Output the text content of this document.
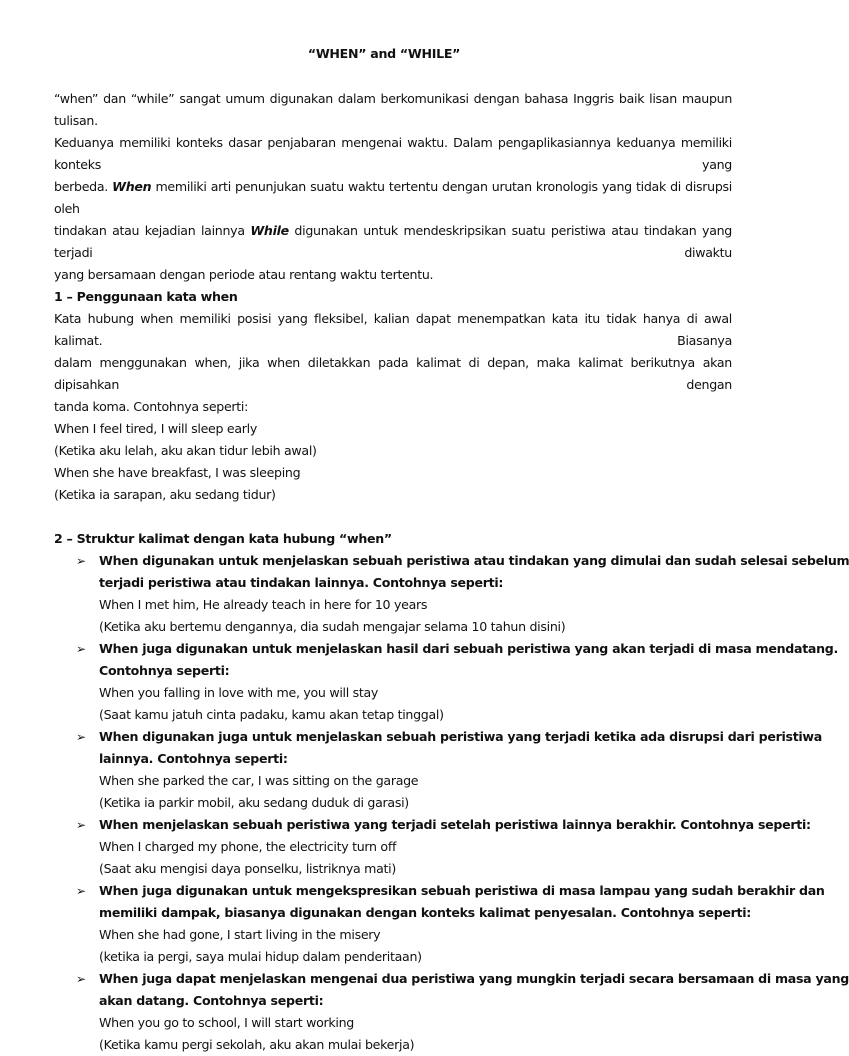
“WHEN” and “WHILE”

“when” dan “while” sangat umum digunakan dalam berkomunikasi dengan bahasa Inggris baik lisan maupun tulisan.

Keduanya memiliki konteks dasar penjabaran mengenai waktu. Dalam pengaplikasiannya keduanya memiliki konteks yang

berbeda. When memiliki arti penunjukan suatu waktu tertentu dengan urutan kronologis yang tidak di disrupsi oleh

tindakan atau kejadian lainnya While digunakan untuk mendeskripsikan suatu peristiwa atau tindakan yang terjadi diwaktu

yang bersamaan dengan periode atau rentang waktu tertentu.

1 – Penggunaan kata when

Kata hubung when memiliki posisi yang fleksibel, kalian dapat menempatkan kata itu tidak hanya di awal kalimat. Biasanya

dalam menggunakan when, jika when diletakkan pada kalimat di depan, maka kalimat berikutnya akan dipisahkan dengan

tanda koma. Contohnya seperti:

When I feel tired, I will sleep early
(Ketika aku lelah, aku akan tidur lebih awal)
When she have breakfast, I was sleeping
(Ketika ia sarapan, aku sedang tidur)
2 – Struktur kalimat dengan kata hubung “when”
➢	When digunakan untuk menjelaskan sebuah peristiwa atau tindakan yang dimulai dan sudah selesai sebelum
terjadi peristiwa atau tindakan lainnya. Contohnya seperti:
When I met him, He already teach in here for 10 years
(Ketika aku bertemu dengannya, dia sudah mengajar selama 10 tahun disini)
➢	When juga digunakan untuk menjelaskan hasil dari sebuah peristiwa yang akan terjadi di masa mendatang.
Contohnya seperti:
When you falling in love with me, you will stay
(Saat kamu jatuh cinta padaku, kamu akan tetap tinggal)
➢	When digunakan juga untuk menjelaskan sebuah peristiwa yang terjadi ketika ada disrupsi dari peristiwa
lainnya. Contohnya seperti:
When she parked the car, I was sitting on the garage
(Ketika ia parkir mobil, aku sedang duduk di garasi)
➢	When menjelaskan sebuah peristiwa yang terjadi setelah peristiwa lainnya berakhir. Contohnya seperti:
When I charged my phone, the electricity turn off
(Saat aku mengisi daya ponselku, listriknya mati)
➢	When juga digunakan untuk mengekspresikan sebuah peristiwa di masa lampau yang sudah berakhir dan
memiliki dampak, biasanya digunakan dengan konteks kalimat penyesalan. Contohnya seperti:
When she had gone, I start living in the misery
(ketika ia pergi, saya mulai hidup dalam penderitaan)
➢	When juga dapat menjelaskan mengenai dua peristiwa yang mungkin terjadi secara bersamaan di masa yang
akan datang. Contohnya seperti:
When you go to school, I will start working
(Ketika kamu pergi sekolah, aku akan mulai bekerja)
